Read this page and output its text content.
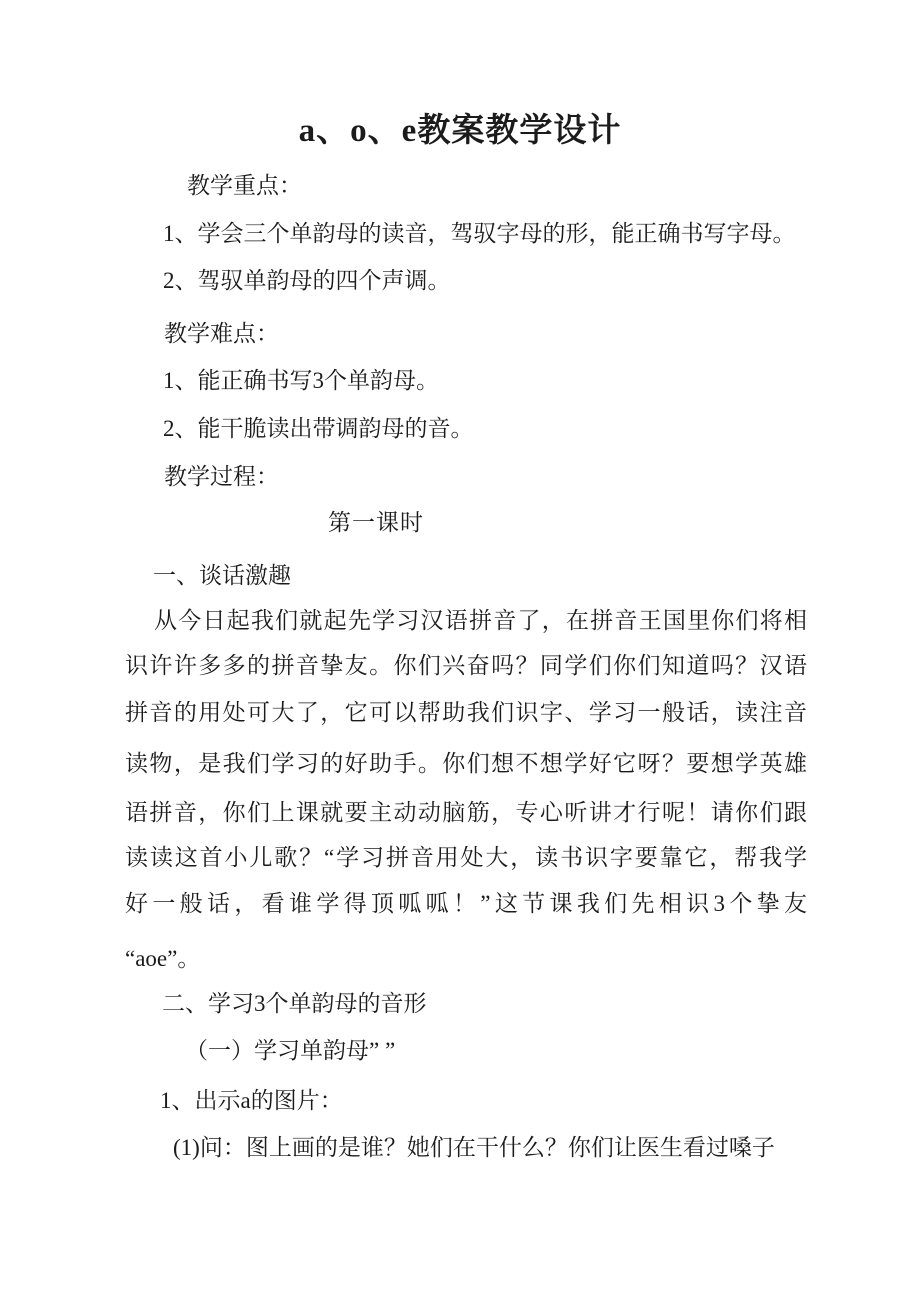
a、o、e教案教学设计
教学重点：
1、学会三个单韵母的读音，驾驭字母的形，能正确书写字母。
2、驾驭单韵母的四个声调。
教学难点：
1、能正确书写3个单韵母。
2、能干脆读出带调韵母的音。
教学过程：
第一课时
一、谈话激趣
从今日起我们就起先学习汉语拼音了，在拼音王国里你们将相
识许许多多的拼音挚友。你们兴奋吗？同学们你们知道吗？汉语
拼音的用处可大了，它可以帮助我们识字、学习一般话，读注音
读物，是我们学习的好助手。你们想不想学好它呀？要想学英雄
语拼音，你们上课就要主动动脑筋，专心听讲才行呢！请你们跟
读读这首小儿歌？“学习拼音用处大，读书识字要靠它，帮我学
好一般话，看谁学得顶呱呱！”这节课我们先相识3个挚友
“aoe”。
二、学习3个单韵母的音形
（一）学习单韵母” ”
1、出示a的图片：
(1)问：图上画的是谁？她们在干什么？你们让医生看过嗓子
